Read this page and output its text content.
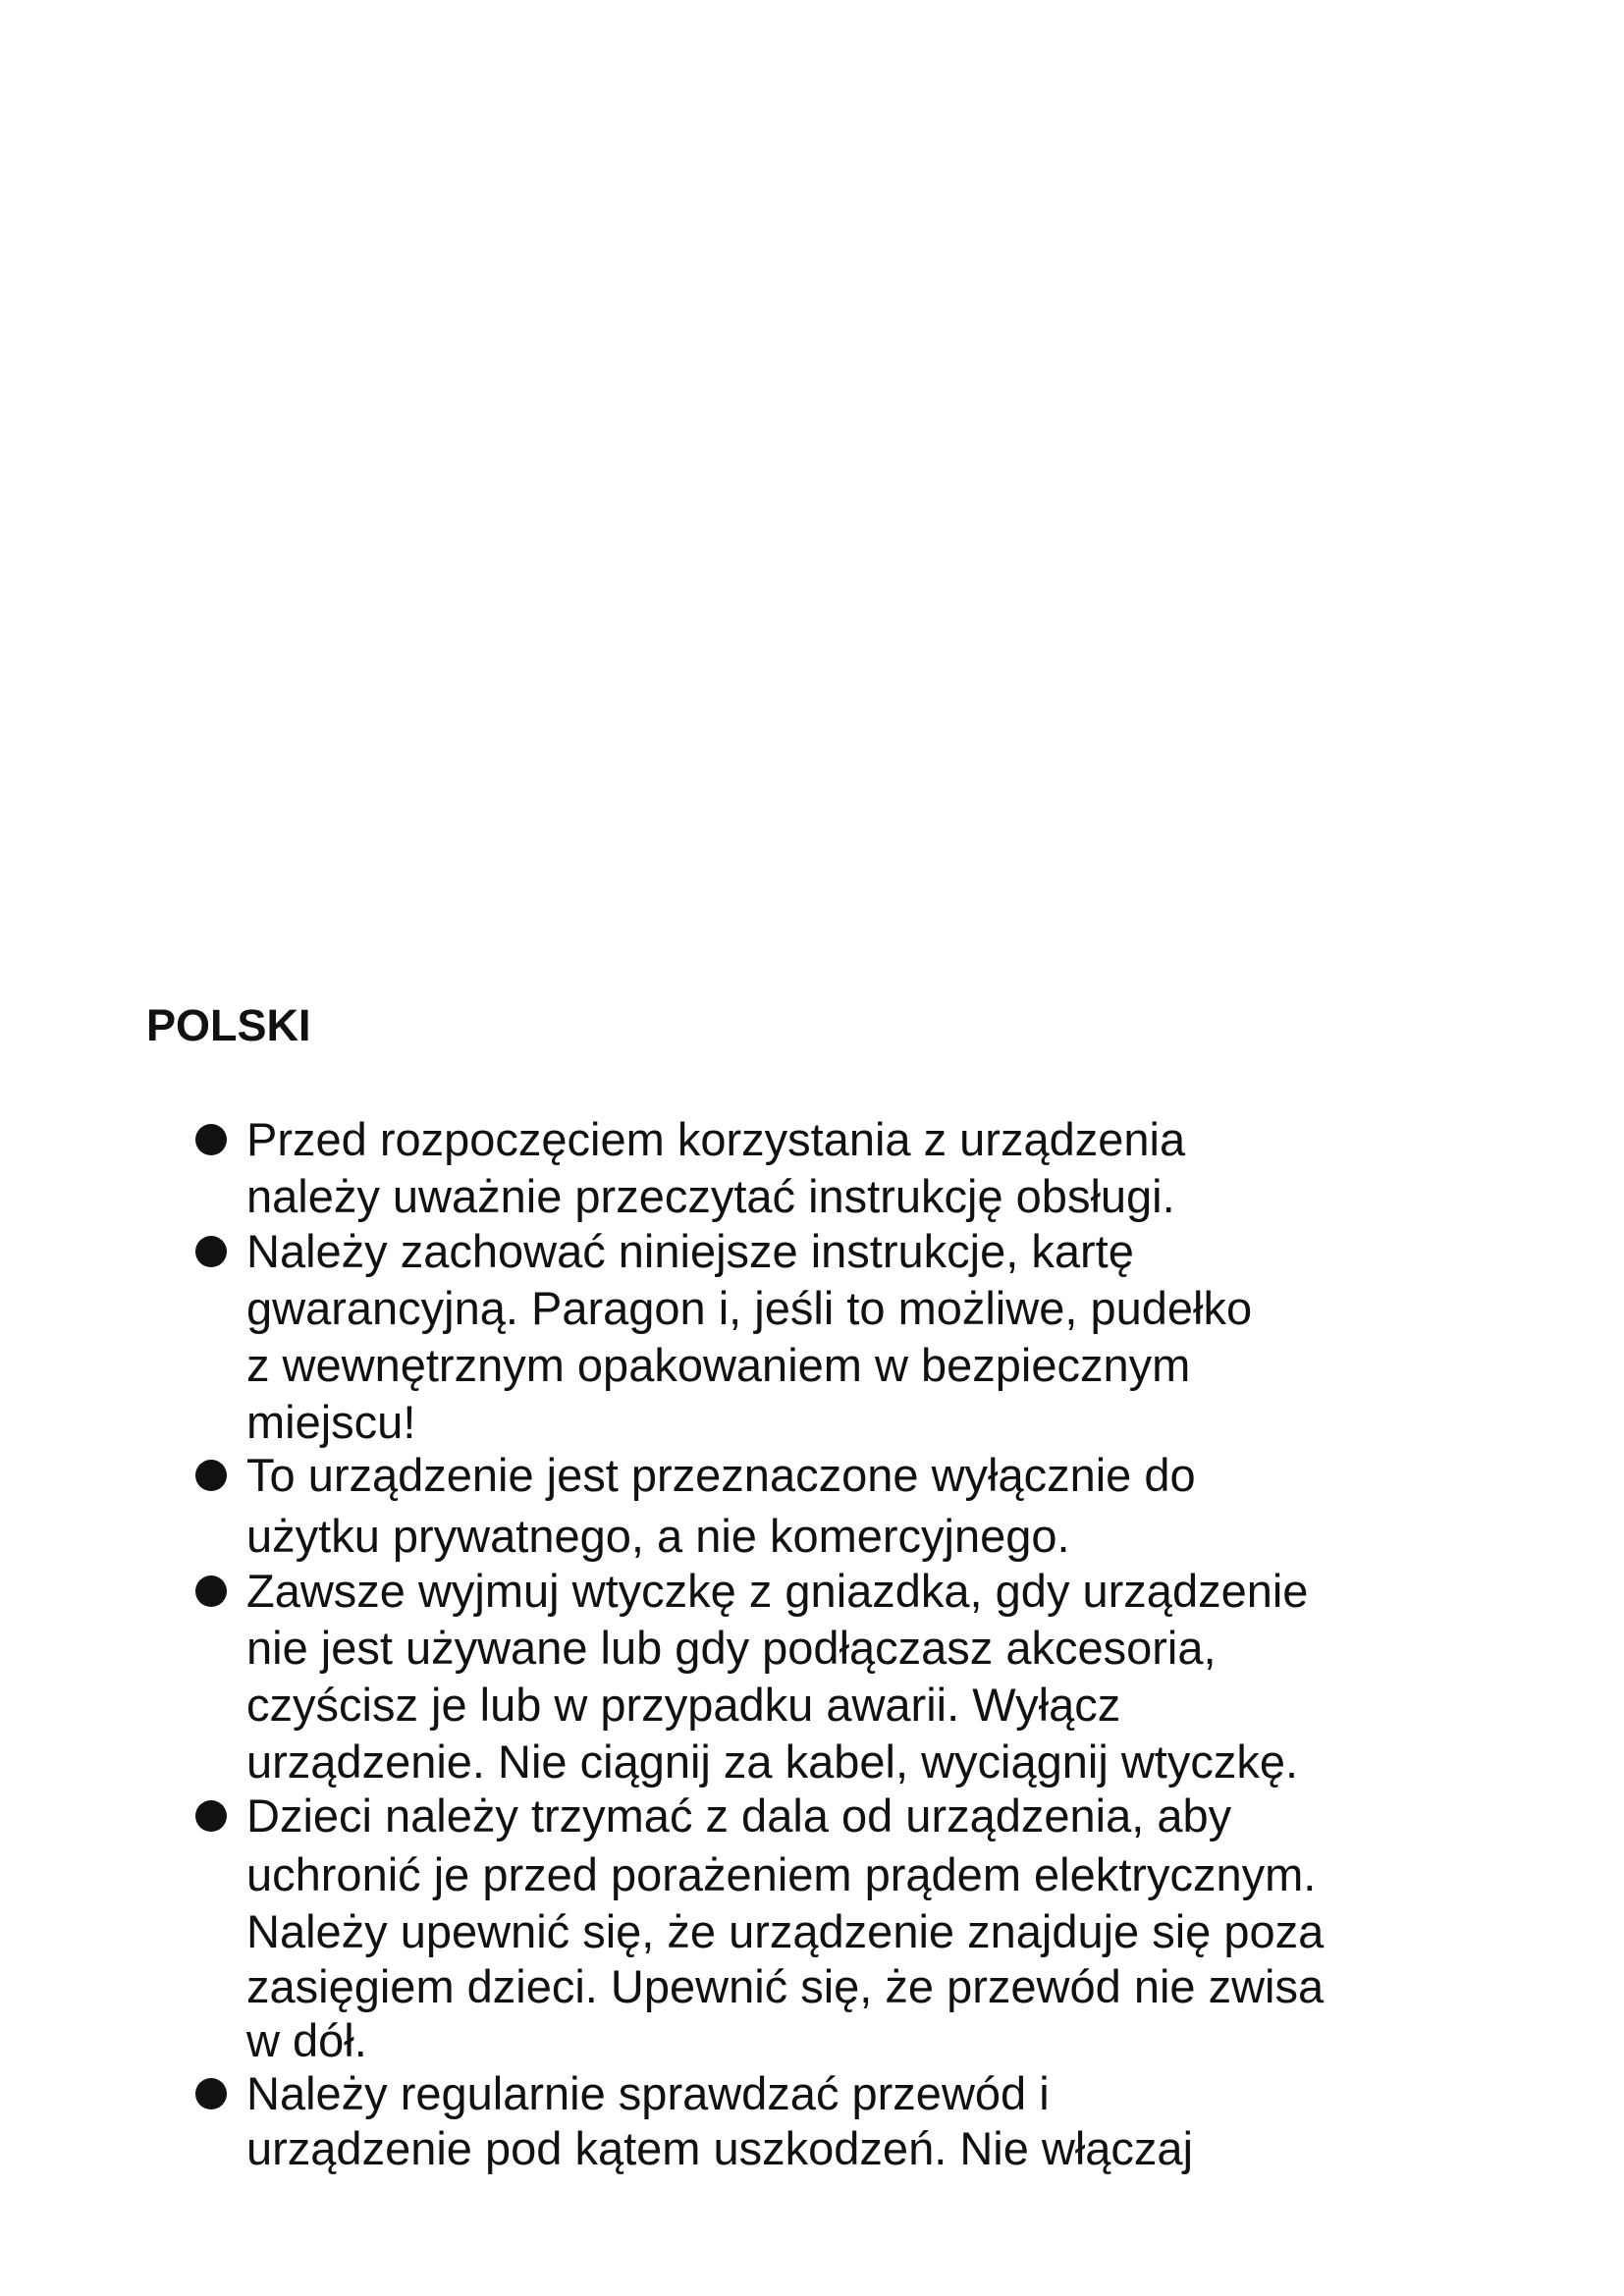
POLSKI
Przed rozpoczęciem korzystania z urządzenia
należy uważnie przeczytać instrukcję obsługi.
Należy zachować niniejsze instrukcje, kartę
gwarancyjną. Paragon i, jeśli to możliwe, pudełko
z wewnętrznym opakowaniem w bezpiecznym
miejscu!
To urządzenie jest przeznaczone wyłącznie do
użytku prywatnego, a nie komercyjnego.
Zawsze wyjmuj wtyczkę z gniazdka, gdy urządzenie
nie jest używane lub gdy podłączasz akcesoria,
czyścisz je lub w przypadku awarii. Wyłącz
urządzenie. Nie ciągnij za kabel, wyciągnij wtyczkę.
Dzieci należy trzymać z dala od urządzenia, aby
uchronić je przed porażeniem prądem elektrycznym.
Należy upewnić się, że urządzenie znajduje się poza
zasięgiem dzieci. Upewnić się, że przewód nie zwisa
w dół.
Należy regularnie sprawdzać przewód i
urządzenie pod kątem uszkodzeń. Nie włączaj
